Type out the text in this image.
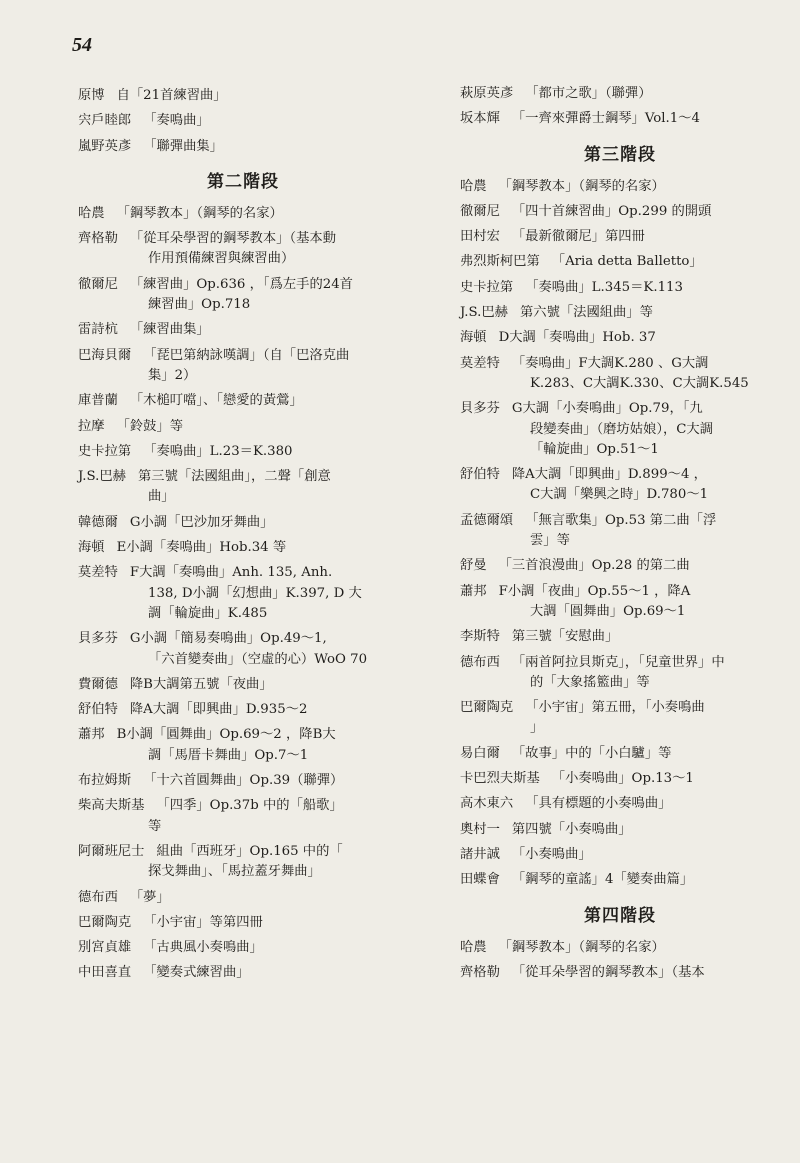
54
原博 自「21首練習曲」
宍戶睦郎 「奏鳴曲」
嵐野英彥 「聯彈曲集」
第二階段
哈農 「鋼琴教本」（鋼琴的名家）
齊格勒 「從耳朵學習的鋼琴教本」（基本動
作用預備練習與練習曲）
徹爾尼 「練習曲」Op.636 ，「爲左手的24首
練習曲」Op.718
雷詩杭 「練習曲集」
巴海貝爾 「琵巴第納詠嘆調」（自「巴洛克曲
集」2）
庫普蘭 「木槌叮噹」、「戀愛的黃鶯」
拉摩 「鈴鼓」等
史卡拉第 「奏鳴曲」L.23＝K.380
J.S.巴赫 第三號「法國組曲」，二聲「創意
曲」
韓德爾 G小調「巴沙加牙舞曲」
海頓 E小調「奏鳴曲」Hob.34 等
莫差特 F大調「奏鳴曲」Anh. 135, Anh.
138, D小調「幻想曲」K.397, D 大
調「輪旋曲」K.485
貝多芬 G小調「簡易奏鳴曲」Op.49～1,
「六首變奏曲」（空虛的心）WoO 70
費爾德 降B大調第五號「夜曲」
舒伯特 降A大調「即興曲」D.935～2
蕭邦 B小調「圓舞曲」Op.69～2 ，降B大
調「馬厝卡舞曲」Op.7～1
布拉姆斯 「十六首圓舞曲」Op.39（聯彈）
柴高夫斯基 「四季」Op.37b 中的「船歌」
等
阿爾班尼士 組曲「西班牙」Op.165 中的「
探戈舞曲」、「馬拉蓋牙舞曲」
德布西 「夢」
巴爾陶克 「小宇宙」等第四冊
別宮貞雄 「古典風小奏鳴曲」
中田喜直 「變奏式練習曲」
萩原英彥 「都市之歌」（聯彈）
坂本輝 「一齊來彈爵士鋼琴」Vol.1～4
第三階段
哈農 「鋼琴教本」（鋼琴的名家）
徹爾尼 「四十首練習曲」Op.299 的開頭
田村宏 「最新徹爾尼」第四冊
弗烈斯柯巴第 「Aria detta Balletto」
史卡拉第 「奏鳴曲」L.345＝K.113
J.S.巴赫 第六號「法國組曲」等
海頓 D大調「奏鳴曲」Hob. 37
莫差特 「奏鳴曲」F大調K.280 、G大調
K.283、C大調K.330、C大調K.545
貝多芬 G大調「小奏鳴曲」Op.79，「九
段變奏曲」（磨坊姑娘），C大調
「輪旋曲」Op.51～1
舒伯特 降A大調「即興曲」D.899～4 ，
C大調「樂興之時」D.780～1
孟德爾頌 「無言歌集」Op.53 第二曲「浮
雲」等
舒曼 「三首浪漫曲」Op.28 的第二曲
蕭邦 F小調「夜曲」Op.55～1 ，降A
大調「圓舞曲」Op.69～1
李斯特 第三號「安慰曲」
德布西 「兩首阿拉貝斯克」，「兒童世界」中
的「大象搖籃曲」等
巴爾陶克 「小宇宙」第五冊，「小奏鳴曲
」
易白爾 「故事」中的「小白驢」等
卡巴烈夫斯基 「小奏鳴曲」Op.13～1
高木東六 「具有標題的小奏鳴曲」
奧村一 第四號「小奏鳴曲」
諸井誠 「小奏鳴曲」
田蝶會 「鋼琴的童謠」4「變奏曲篇」
第四階段
哈農 「鋼琴教本」（鋼琴的名家）
齊格勒 「從耳朵學習的鋼琴教本」（基本
